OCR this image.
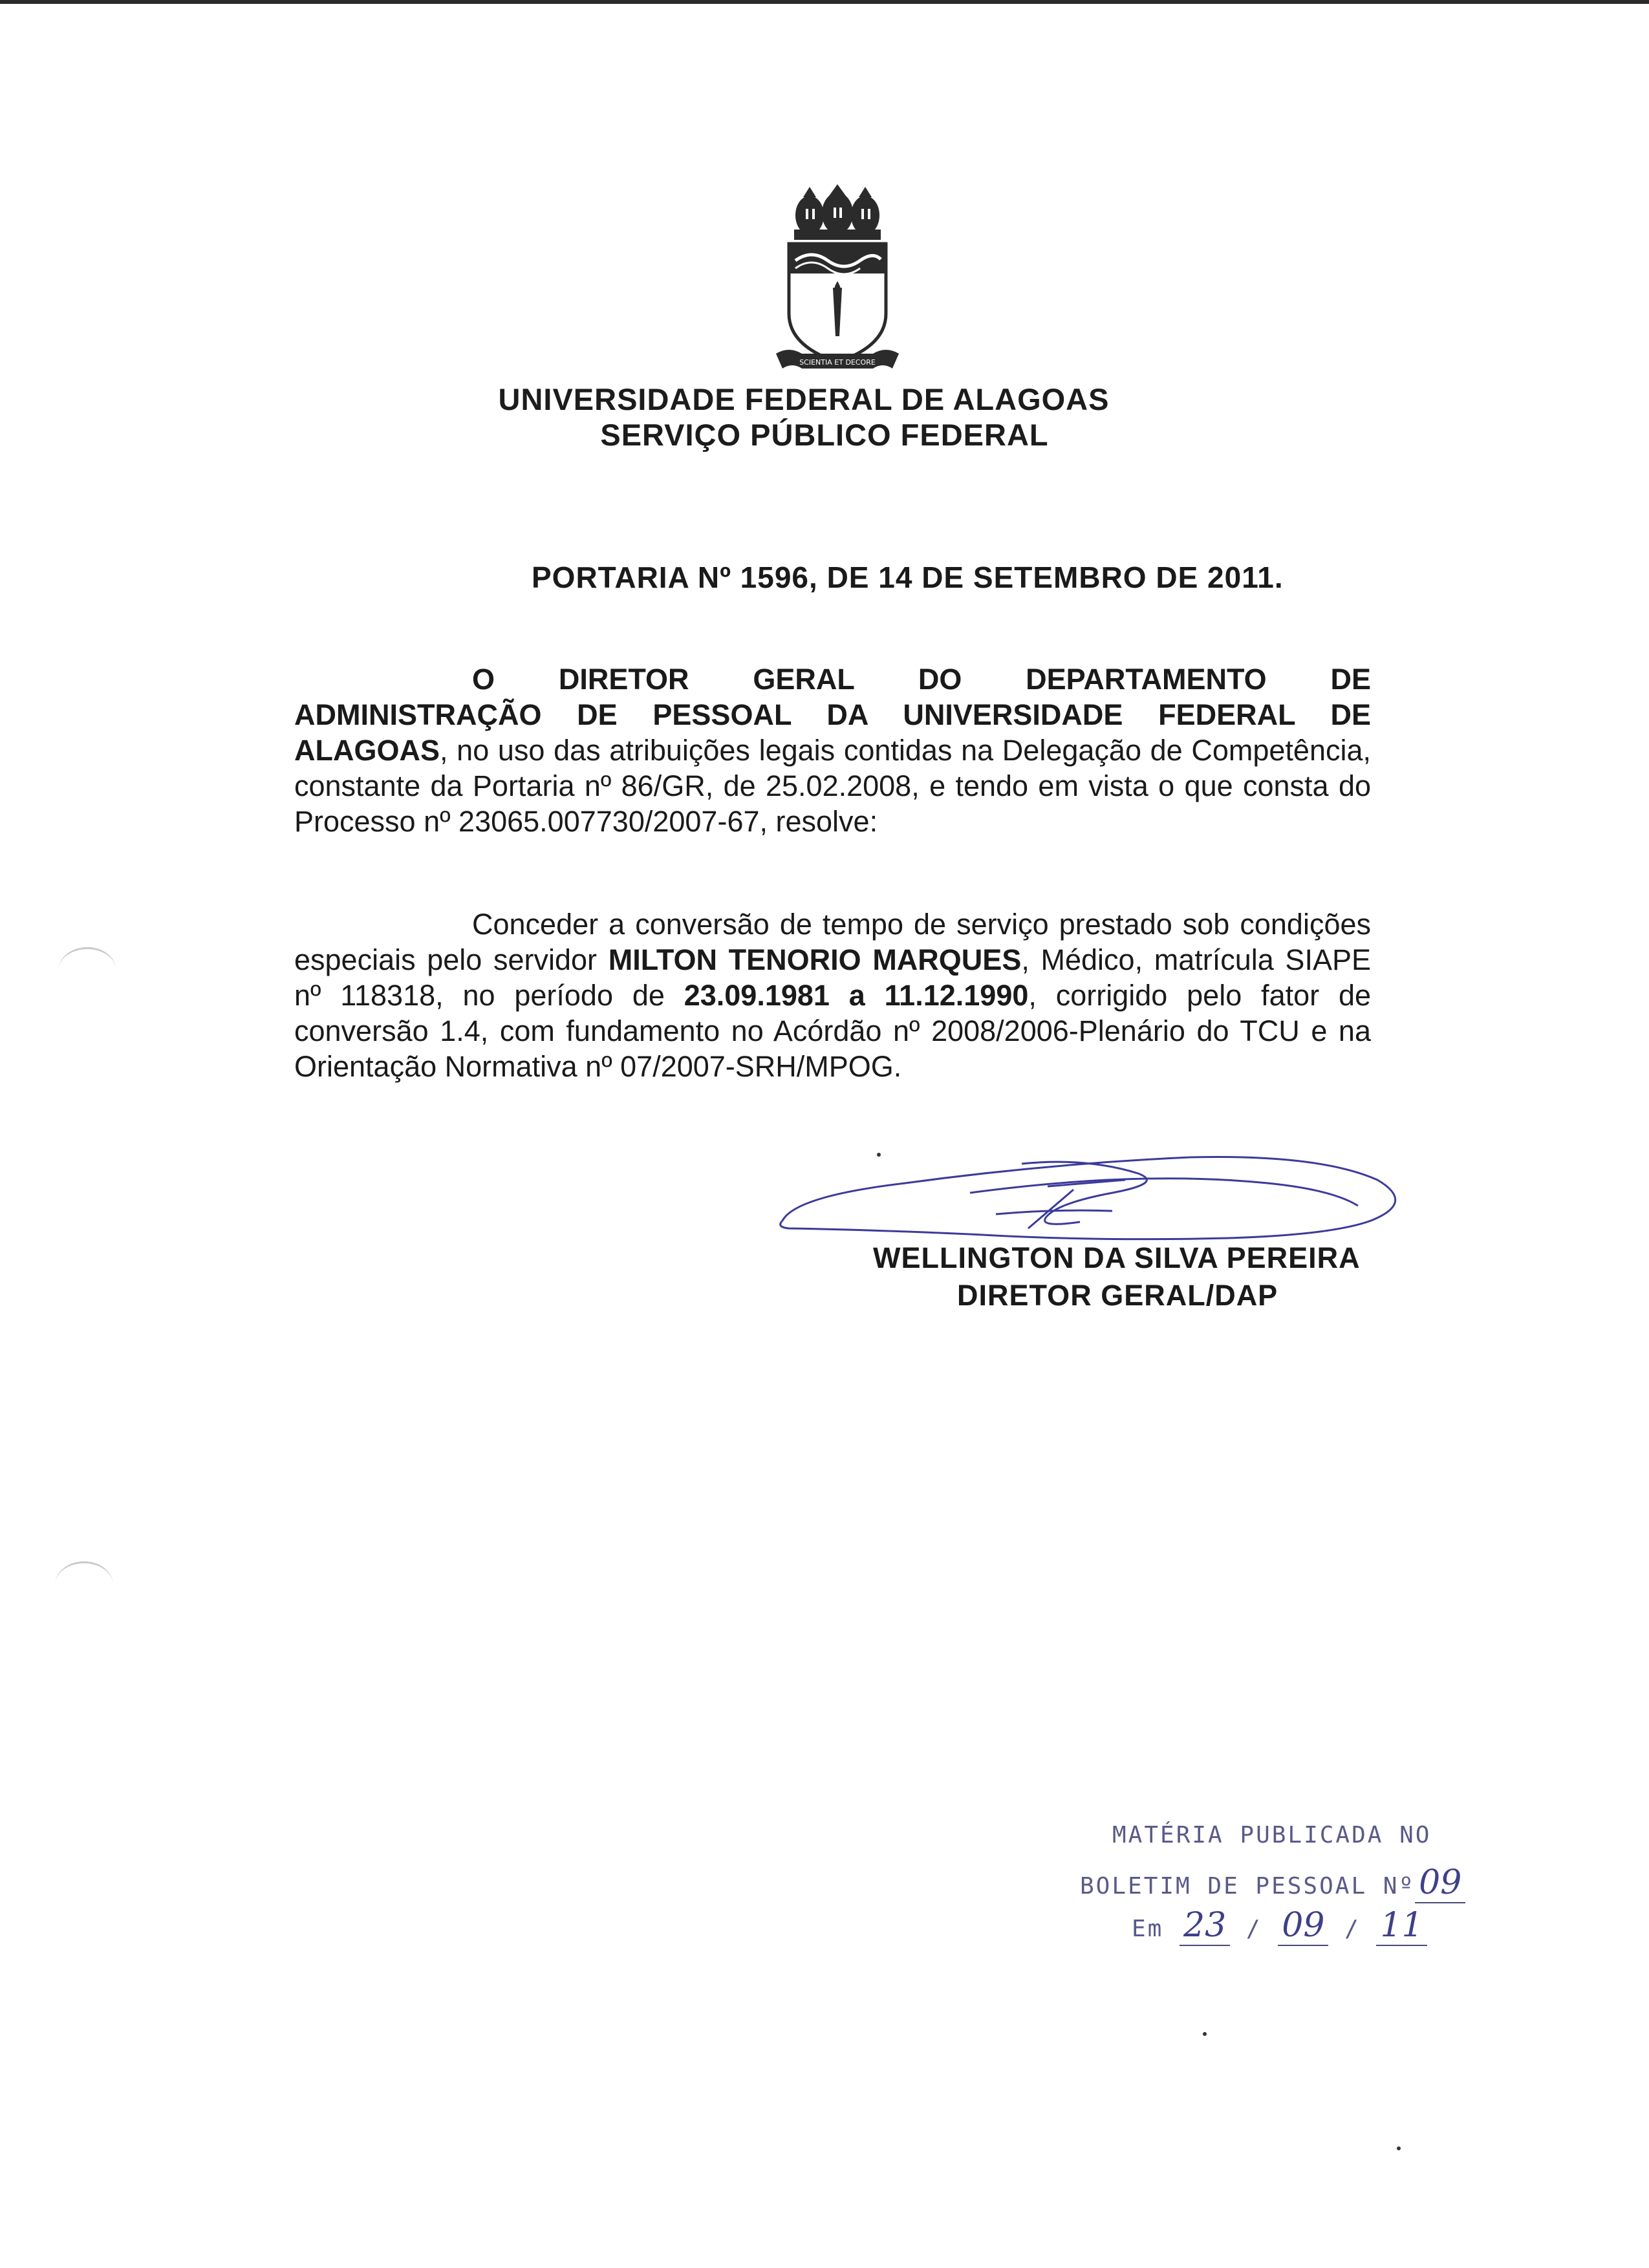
SCIENTIA ET DECORE
UNIVERSIDADE FEDERAL DE ALAGOAS
SERVIÇO PÚBLICO FEDERAL
PORTARIA Nº 1596, DE 14 DE SETEMBRO DE 2011.
O DIRETOR GERAL DO DEPARTAMENTO DE
ADMINISTRAÇÃO DE PESSOAL DA UNIVERSIDADE FEDERAL DE
ALAGOAS, no uso das atribuições legais contidas na Delegação de Competência, constante da Portaria nº 86/GR, de 25.02.2008, e tendo em vista o que consta do Processo nº 23065.007730/2007-67, resolve:
Conceder a conversão de tempo de serviço prestado sob condições especiais pelo servidor MILTON TENORIO MARQUES, Médico, matrícula SIAPE nº 118318, no período de 23.09.1981 a 11.12.1990, corrigido pelo fator de conversão 1.4, com fundamento no Acórdão nº 2008/2006-Plenário do TCU e na Orientação Normativa nº 07/2007-SRH/MPOG.
WELLINGTON DA SILVA PEREIRA
DIRETOR GERAL/DAP
MATÉRIA PUBLICADA NO
BOLETIM DE PESSOAL Nº 09
Em 23 / 09 / 11
